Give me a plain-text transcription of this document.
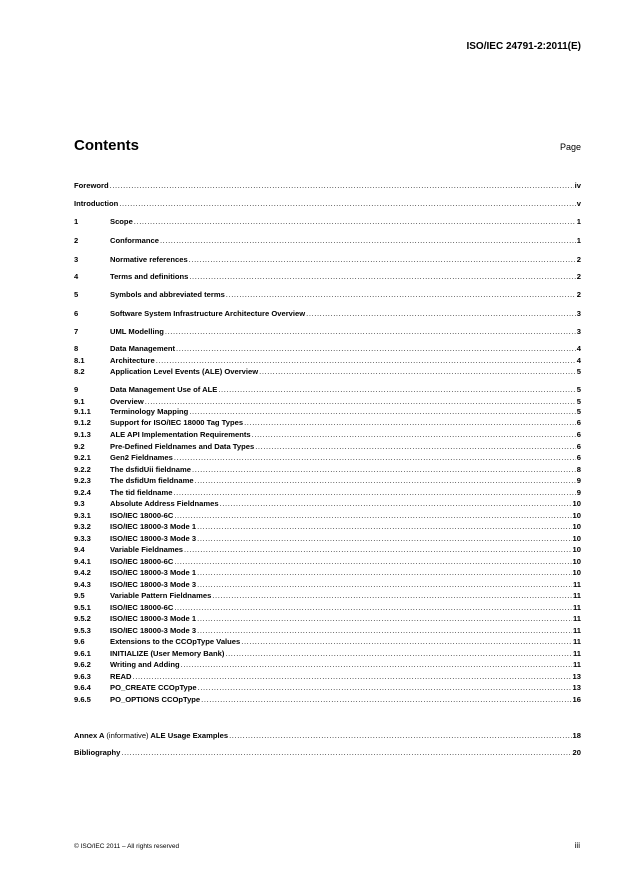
ISO/IEC 24791-2:2011(E)
Contents	Page
Foreword .....	iv
Introduction .....	v
1	Scope .....	1
2	Conformance .....	1
3	Normative references .....	2
4	Terms and definitions .....	2
5	Symbols and abbreviated terms .....	2
6	Software System Infrastructure Architecture Overview .....	3
7	UML Modelling .....	3
8	Data Management .....	4
8.1	Architecture .....	4
8.2	Application Level Events (ALE) Overview .....	5
9	Data Management Use of ALE .....	5
9.1	Overview .....	5
9.1.1	Terminology Mapping .....	5
9.1.2	Support for ISO/IEC 18000 Tag Types .....	6
9.1.3	ALE API Implementation Requirements .....	6
9.2	Pre-Defined Fieldnames and Data Types .....	6
9.2.1	Gen2 Fieldnames .....	6
9.2.2	The dsfidUii fieldname .....	8
9.2.3	The dsfidUm fieldname .....	9
9.2.4	The tid fieldname .....	9
9.3	Absolute Address Fieldnames .....	10
9.3.1	ISO/IEC 18000-6C .....	10
9.3.2	ISO/IEC 18000-3 Mode 1 .....	10
9.3.3	ISO/IEC 18000-3 Mode 3 .....	10
9.4	Variable Fieldnames .....	10
9.4.1	ISO/IEC 18000-6C .....	10
9.4.2	ISO/IEC 18000-3 Mode 1 .....	10
9.4.3	ISO/IEC 18000-3 Mode 3 .....	11
9.5	Variable Pattern Fieldnames .....	11
9.5.1	ISO/IEC 18000-6C .....	11
9.5.2	ISO/IEC 18000-3 Mode 1 .....	11
9.5.3	ISO/IEC 18000-3 Mode 3 .....	11
9.6	Extensions to the CCOpType Values .....	11
9.6.1	INITIALIZE (User Memory Bank) .....	11
9.6.2	Writing and Adding .....	11
9.6.3	READ .....	13
9.6.4	PO_CREATE CCOpType .....	13
9.6.5	PO_OPTIONS CCOpType .....	16
Annex A (informative) ALE Usage Examples .....	18
Bibliography .....	20
© ISO/IEC 2011 – All rights reserved	iii
